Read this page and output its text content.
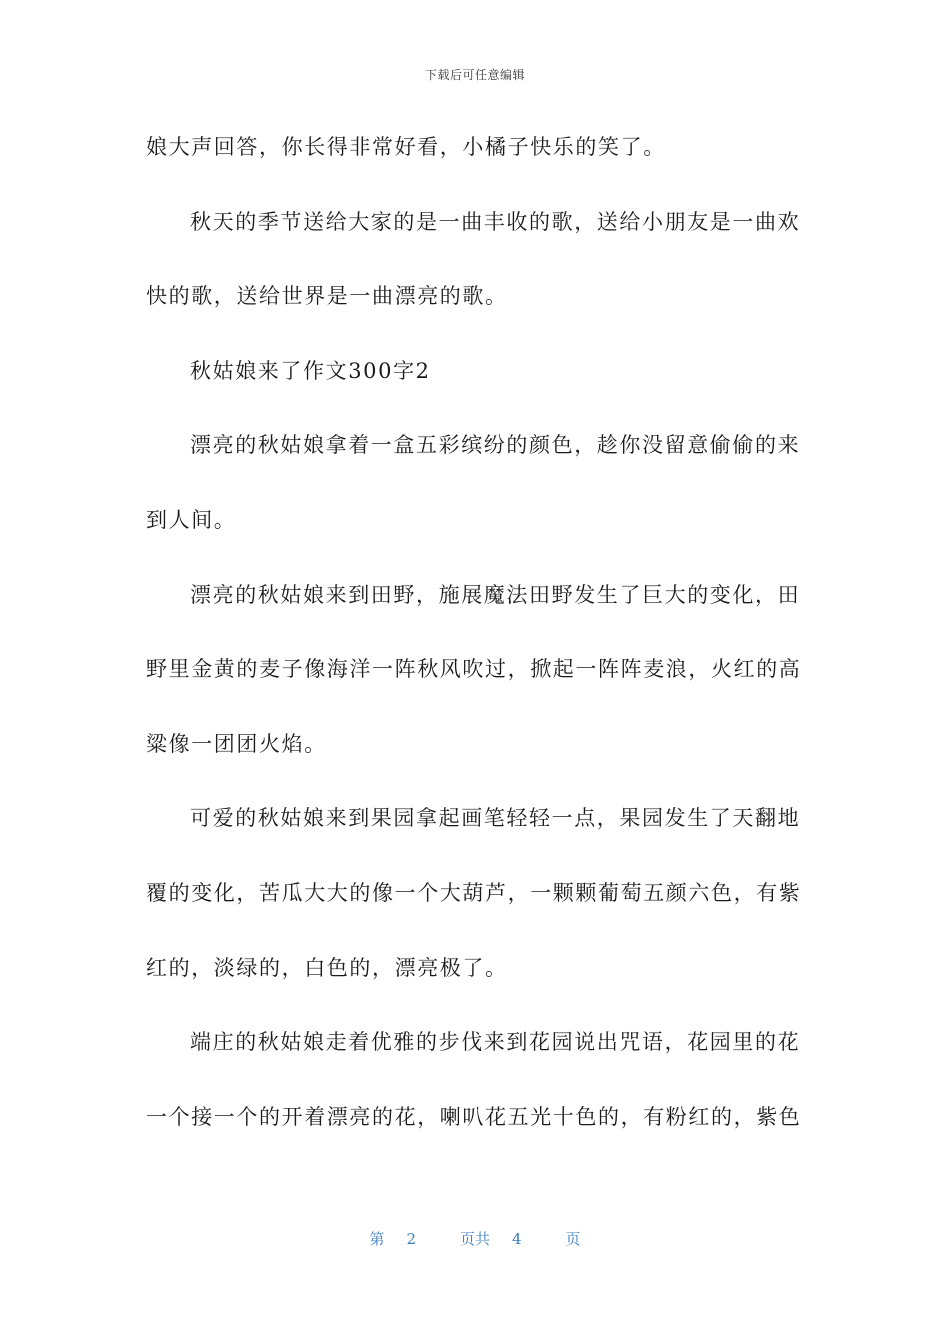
下载后可任意编辑
娘大声回答，你长得非常好看，小橘子快乐的笑了。
秋天的季节送给大家的是一曲丰收的歌，送给小朋友是一曲欢
快的歌，送给世界是一曲漂亮的歌。
秋姑娘来了作文300字2
漂亮的秋姑娘拿着一盒五彩缤纷的颜色，趁你没留意偷偷的来
到人间。
漂亮的秋姑娘来到田野，施展魔法田野发生了巨大的变化，田
野里金黄的麦子像海洋一阵秋风吹过，掀起一阵阵麦浪，火红的高
粱像一团团火焰。
可爱的秋姑娘来到果园拿起画笔轻轻一点，果园发生了天翻地
覆的变化，苦瓜大大的像一个大葫芦，一颗颗葡萄五颜六色，有紫
红的，淡绿的，白色的，漂亮极了。
端庄的秋姑娘走着优雅的步伐来到花园说出咒语，花园里的花
一个接一个的开着漂亮的花，喇叭花五光十色的，有粉红的，紫色
第 2	页共 4	页
